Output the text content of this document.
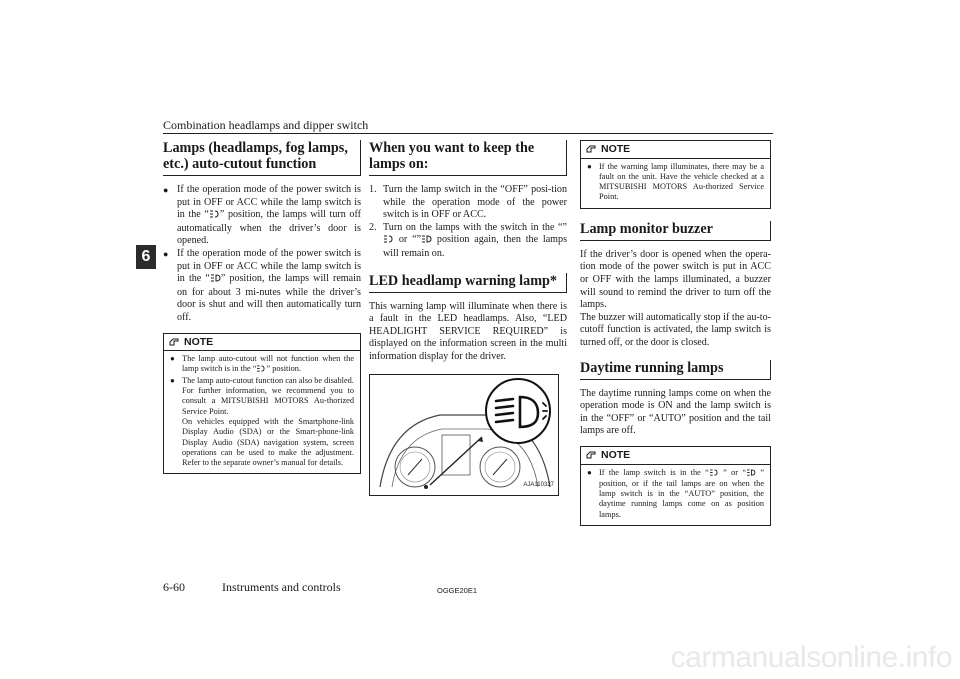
Combination headlamps and dipper switch
6
Lamps (headlamps, fog lamps, etc.) auto-cutout function
● If the operation mode of the power switch is put in OFF or ACC while the lamp switch is in the “ ” position, the lamps will turn off automatically when the driver’s door is opened.
● If the operation mode of the power switch is put in OFF or ACC while the lamp switch is in the “ ” position, the lamps will remain on for about 3 mi-nutes while the driver’s door is shut and will then automatically turn off.
NOTE
● The lamp auto-cutout will not function when the lamp switch is in the “ ” position.
● The lamp auto-cutout function can also be disabled.
For further information, we recommend you to consult a MITSUBISHI MOTORS Au-thorized Service Point.
On vehicles equipped with the Smartphone-link Display Audio (SDA) or the Smart-phone-link Display Audio (SDA) navigation system, screen operations can be used to make the adjustment. Refer to the separate owner’s manual for details.
When you want to keep the lamps on:
1. Turn the lamp switch in the “OFF” posi-tion while the operation mode of the power switch is in OFF or ACC.
2. Turn on the lamps with the switch in the “” or “” position again, then the lamps will remain on.
LED headlamp warning lamp*

This warning lamp will illuminate when there is a fault in the LED headlamps. Also, “LED HEADLIGHT SERVICE REQUIRED” is displayed on the information screen in the multi information display for the driver.

AJA110327
NOTE
● If the warning lamp illuminates, there may be a fault on the unit. Have the vehicle checked at a MITSUBISHI MOTORS Au-thorized Service Point.
Lamp monitor buzzer

If the driver’s door is opened when the opera-tion mode of the power switch is put in ACC or OFF with the lamps illuminated, a buzzer will sound to remind the driver to turn off the lamps.

The buzzer will automatically stop if the au-to-cutoff function is activated, the lamp switch is turned off, or the door is closed.

Daytime running lamps

The daytime running lamps come on when the operation mode is ON and the lamp switch is in the “OFF” or “AUTO” position and the tail lamps are off.

NOTE
● If the lamp switch is in the “ ” or “ ” position, or if the tail lamps are on when the lamp switch is in the “AUTO” position, the daytime running lamps come on as position lamps.
6-60	Instruments and controls	OGGE20E1
carmanualsonline.info
